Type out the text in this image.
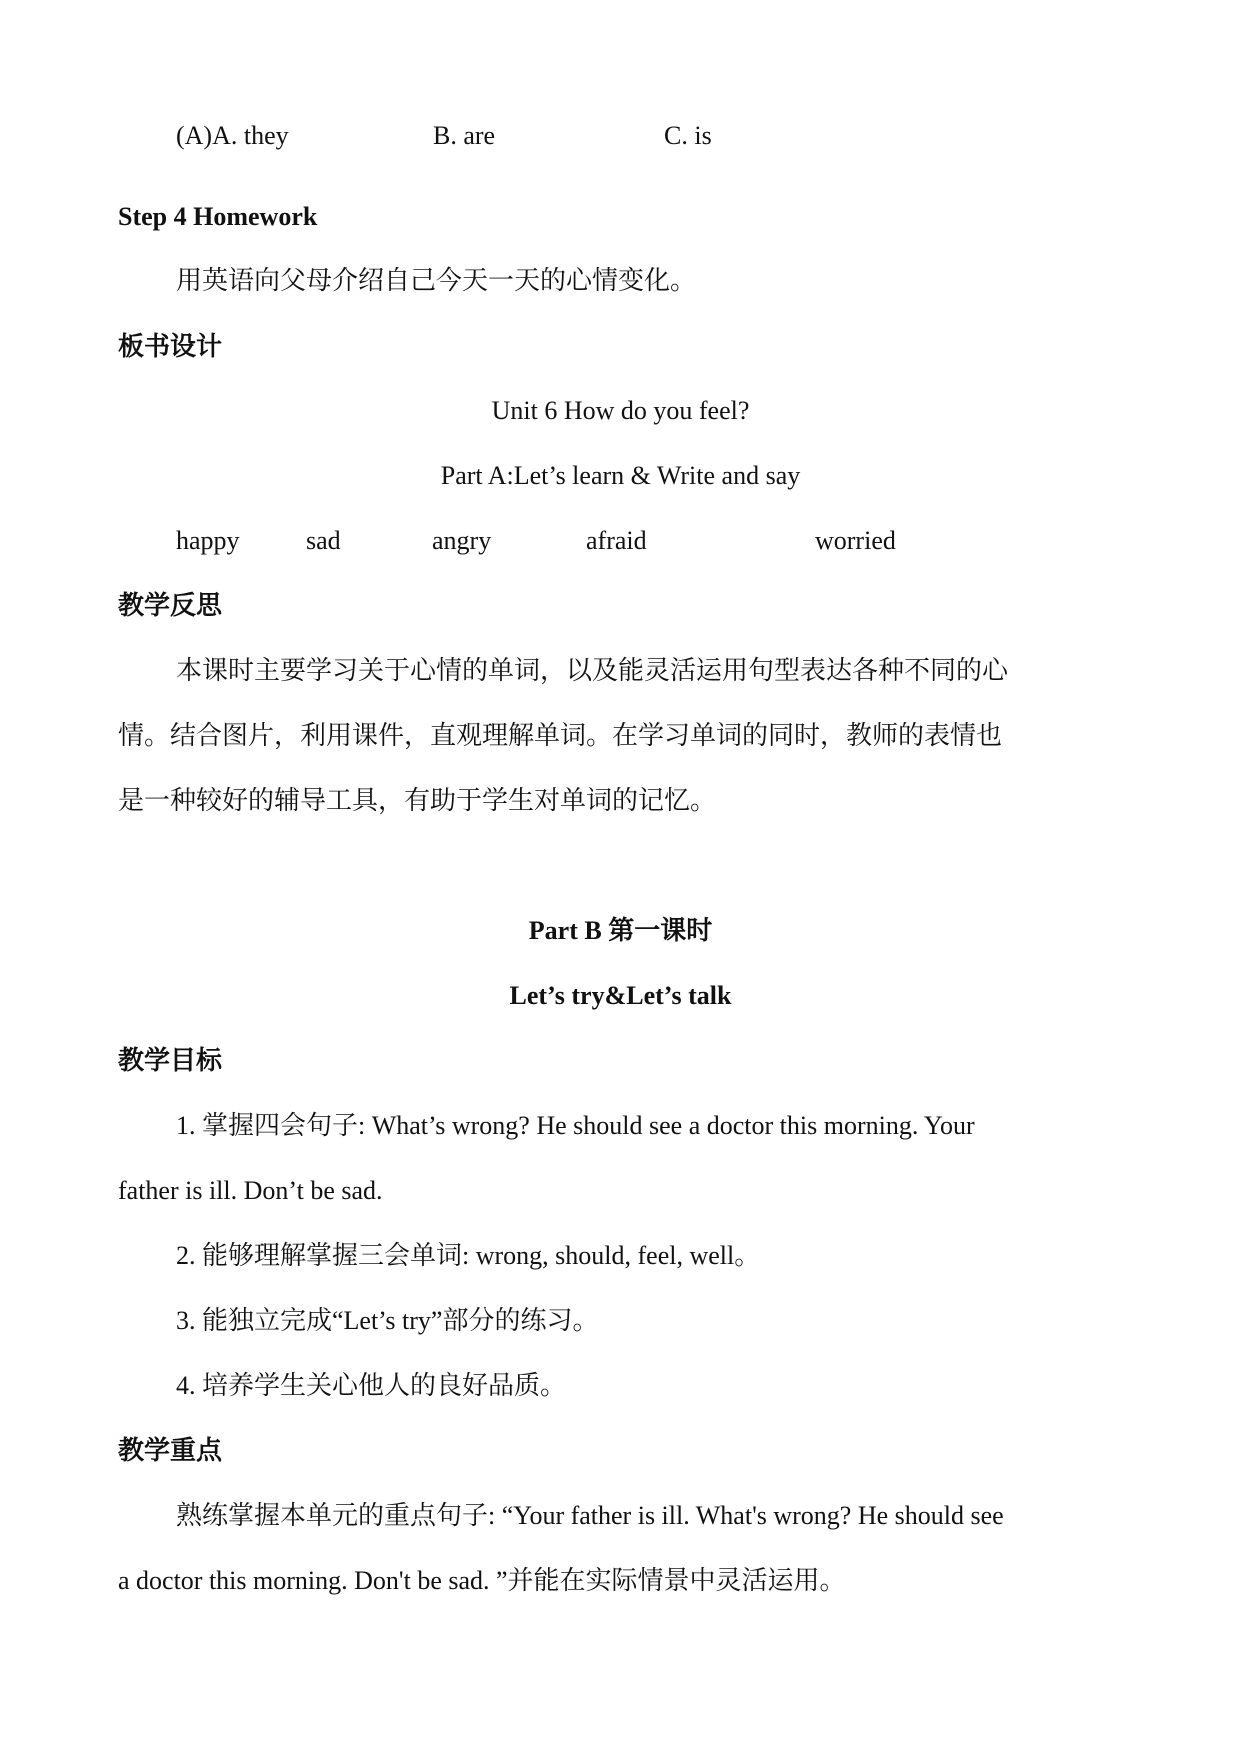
(A)A. they	B. are	C. is
Step 4 Homework
用英语向父母介绍自己今天一天的心情变化。
板书设计
Unit 6 How do you feel?
Part A:Let’s learn & Write and say
happy	sad	angry	afraid	worried
教学反思
本课时主要学习关于心情的单词，以及能灵活运用句型表达各种不同的心
情。结合图片，利用课件，直观理解单词。在学习单词的同时，教师的表情也
是一种较好的辅导工具，有助于学生对单词的记忆。
Part B 第一课时
Let’s try&Let’s talk
教学目标
1. 掌握四会句子: What’s wrong? He should see a doctor this morning. Your
father is ill. Don’t be sad.
2. 能够理解掌握三会单词: wrong, should, feel, well。
3. 能独立完成“Let’s try”部分的练习。
4. 培养学生关心他人的良好品质。
教学重点
熟练掌握本单元的重点句子: “Your father is ill. What's wrong? He should see
a doctor this morning. Don't be sad. ”并能在实际情景中灵活运用。
